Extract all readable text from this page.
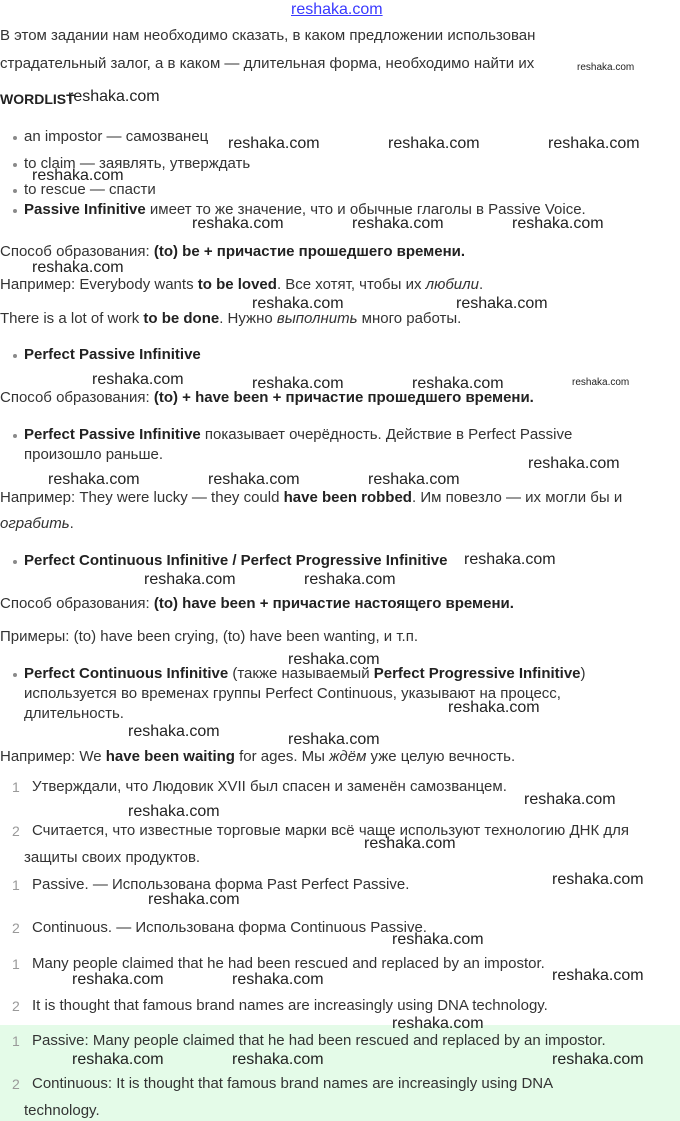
В этом задании нам необходимо сказать, в каком предложении использован
страдательный залог, а в каком — длительная форма, необходимо найти их
WORDLIST
an impostor — самозванец
to claim — заявлять, утверждать
to rescue — спасти
Passive Infinitive имеет то же значение, что и обычные глаголы в Passive Voice.
Способ образования: (to) be + причастие прошедшего времени.
Например: Everybody wants to be loved. Все хотят, чтобы их любили.
There is a lot of work to be done. Нужно выполнить много работы.
Perfect Passive Infinitive
Способ образования: (to) + have been + причастие прошедшего времени.
Perfect Passive Infinitive показывает очерёдность. Действие в Perfect Passive
произошло раньше.
Например: They were lucky — they could have been robbed. Им повезло — их могли бы и
ограбить.
Perfect Continuous Infinitive / Perfect Progressive Infinitive
Способ образования: (to) have been + причастие настоящего времени.
Примеры: (to) have been crying, (to) have been wanting, и т.п.
Perfect Continuous Infinitive (также называемый Perfect Progressive Infinitive)
используется во временах группы Perfect Continuous, указывают на процесс,
длительность.
Например: We have been waiting for ages. Мы ждём уже целую вечность.
1 Утверждали, что Людовик XVII был спасен и заменён самозванцем.
2 Считается, что известные торговые марки всё чаще используют технологию ДНК для
защиты своих продуктов.
1 Passive. — Использована форма Past Perfect Passive.
2 Continuous. — Использована форма Continuous Passive.
1 Many people claimed that he had been rescued and replaced by an impostor.
2 It is thought that famous brand names are increasingly using DNA technology.
1 Passive: Many people claimed that he had been rescued and replaced by an impostor.
2 Continuous: It is thought that famous brand names are increasingly using DNA
technology.
reshaka.com
reshaka.com
reshaka.com
reshaka.com	reshaka.com	reshaka.com
reshaka.com
reshaka.com	reshaka.com	reshaka.com
reshaka.com
reshaka.com	reshaka.com
reshaka.com	reshaka.com	reshaka.com	reshaka.com
reshaka.com
reshaka.com	reshaka.com	reshaka.com
reshaka.com
reshaka.com	reshaka.com
reshaka.com
reshaka.com
reshaka.com	reshaka.com
reshaka.com
reshaka.com
reshaka.com
reshaka.com
reshaka.com
reshaka.com
reshaka.com	reshaka.com	reshaka.com
reshaka.com
reshaka.com	reshaka.com	reshaka.com
